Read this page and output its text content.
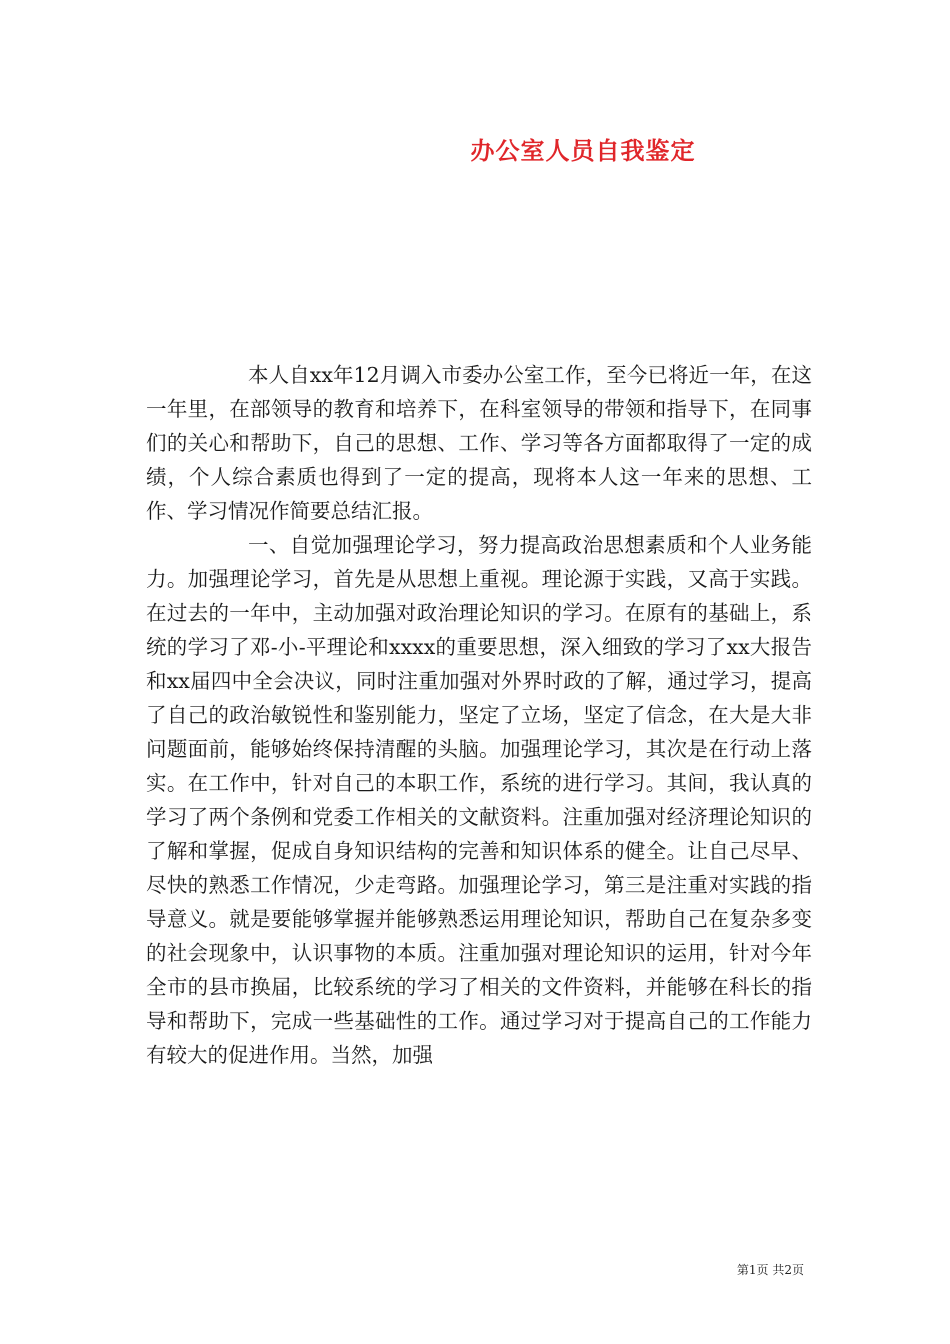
办公室人员自我鉴定

本人自xx年12月调入市委办公室工作，至今已将近一年，在这一年里，在部领导的教育和培养下，在科室领导的带领和指导下，在同事们的关心和帮助下，自己的思想、工作、学习等各方面都取得了一定的成绩，个人综合素质也得到了一定的提高，现将本人这一年来的思想、工作、学习情况作简要总结汇报。

一、自觉加强理论学习，努力提高政治思想素质和个人业务能力。加强理论学习，首先是从思想上重视。理论源于实践，又高于实践。在过去的一年中，主动加强对政治理论知识的学习。在原有的基础上，系统的学习了邓-小-平理论和xxxx的重要思想，深入细致的学习了xx大报告和xx届四中全会决议，同时注重加强对外界时政的了解，通过学习，提高了自己的政治敏锐性和鉴别能力，坚定了立场，坚定了信念，在大是大非问题面前，能够始终保持清醒的头脑。加强理论学习，其次是在行动上落实。在工作中，针对自己的本职工作，系统的进行学习。其间，我认真的学习了两个条例和党委工作相关的文献资料。注重加强对经济理论知识的了解和掌握，促成自身知识结构的完善和知识体系的健全。让自己尽早、尽快的熟悉工作情况，少走弯路。加强理论学习，第三是注重对实践的指导意义。就是要能够掌握并能够熟悉运用理论知识，帮助自己在复杂多变的社会现象中，认识事物的本质。注重加强对理论知识的运用，针对今年全市的县市换届，比较系统的学习了相关的文件资料，并能够在科长的指导和帮助下，完成一些基础性的工作。通过学习对于提高自己的工作能力有较大的促进作用。当然，加强

第1页 共2页
